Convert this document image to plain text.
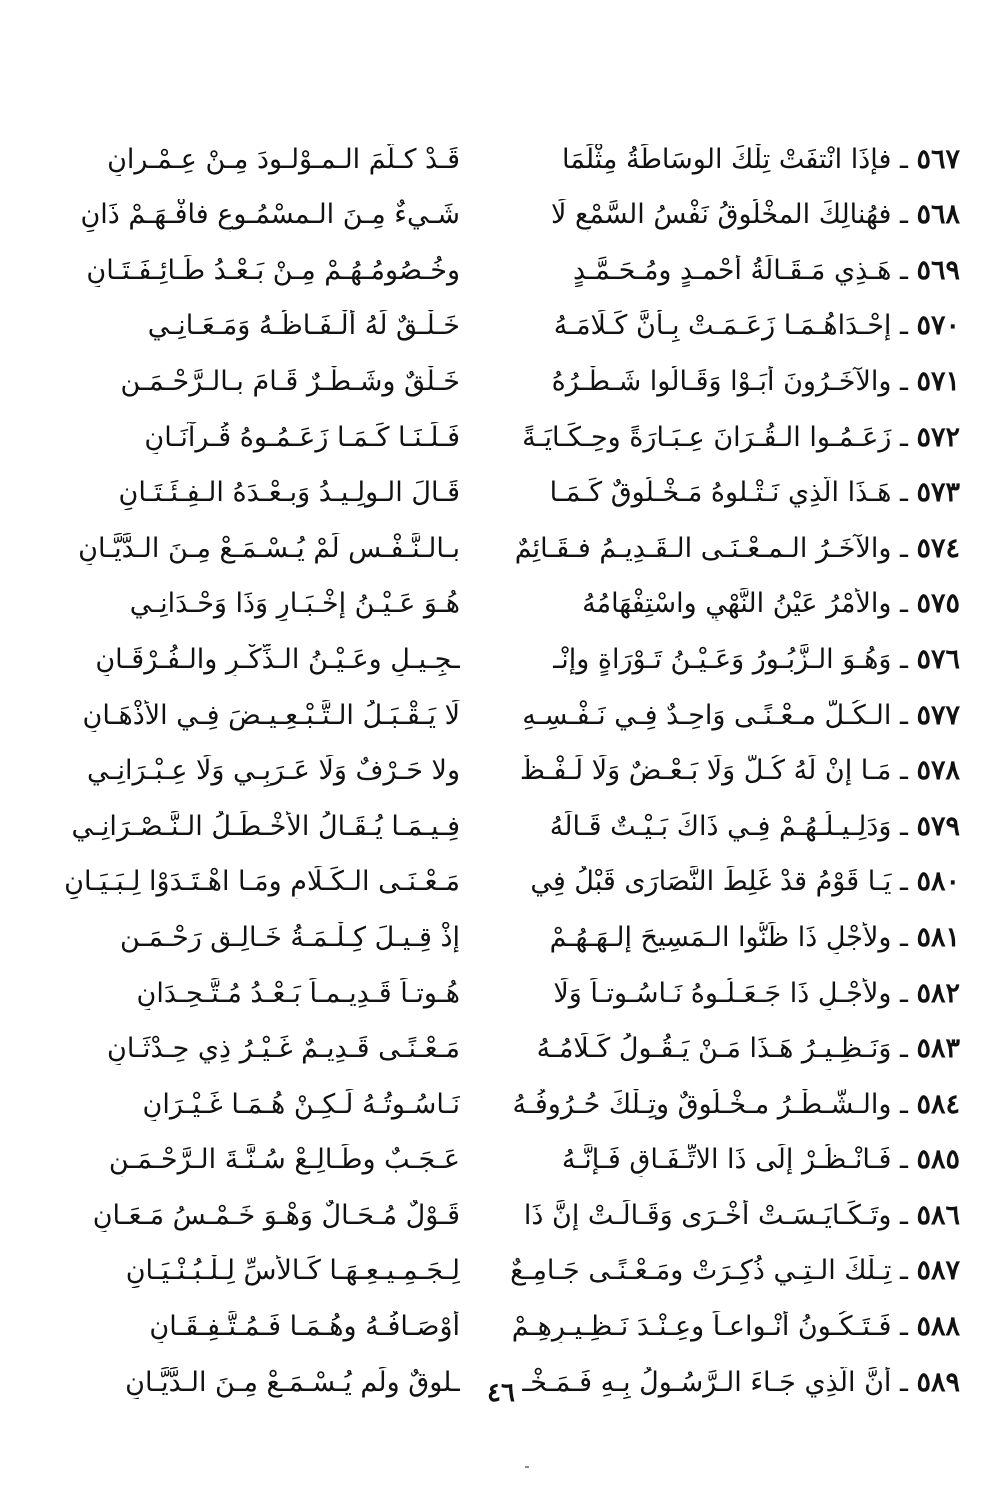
٥٦٧ ـ فإذَا انْتفَتْ تِلْكَ الوسَاطَةُ مِثْلَمَا
قَـدْ كـلَّمَ الـمـوْلـودَ مِـنْ عِـمْـرانِ
٥٦٨ ـ فهُنالِكَ المخْلُوقُ نَفْسُ السَّمْعِ لَا
شَـيءٌ مِـنَ الـمسْمُـوعِ فافْـهَـمْ ذَانِ
٥٦٩ ـ هَـذِي مَـقَـالَةُ أحْمـدٍ ومُـحَـمَّـدٍ
وخُـصُومُـهُـمْ مِـنْ بَـعْـدُ طَـائِـفَـتَـانِ
٥٧٠ ـ إحْـدَاهُـمَـا زَعَـمَـتْ بِـأنَّ كَـلَامَـهُ
خَـلْـقٌ لَهُ ألْـفَـاظُـهُ وَمَـعَـانِـي
٥٧١ ـ والآخَـرُونَ أبَـوْا وَقَـالُوا شَـطْـرُهُ
خَـلْقٌ وشَـطْـرٌ قَـامَ بـالـرَّحْـمَـنِ
٥٧٢ ـ زَعَـمُـوا الـقُـرَانَ عِـبَـارَةً وحِـكَـايَـةً
فَـلَـنَـا كَـمَـا زَعَـمُـوهُ قُـرآنَـانِ
٥٧٣ ـ هَـذَا الَّذِي نَـتْـلوهُ مَـخْـلُوقٌ كَـمَـا
قَـالَ الـولِـيـدُ وَبـعْـدَهُ الـفِـئَـتَـانِ
٥٧٤ ـ والآخَـرُ الـمـعْـنَـى الـقَـدِيـمُ فـقَـائِمٌ
بـالـنَّـفْـسِ لَمْ يُـسْـمَـعْ مِـنَ الـدَّيَّـانِ
٥٧٥ ـ والأمْرُ عَيْنُ النَّهْيِ واسْتِفْهَامُهُ
هُـوَ عَـيْـنُ إخْـبَـارٍ وَذَا وَحْـدَانِـي
٥٧٦ ـ وَهُـوَ الـزَّبُـورُ وَعَـيْـنُ تَـوْرَاةٍ وإنْـ
ـجِـيـلٍ وعَـيْـنُ الـذِّكْـرِ والـفُـرْقَـانِ
٥٧٧ ـ الـكُـلُّ مـعْـنًـى وَاحِـدٌ فِـي نَـفْـسِـهِ
لَا يَـقْـبَـلُ الـتَّـبْـعِـيـضَ فِـي الأذْهَـانِ
٥٧٨ ـ مَـا إنْ لَهُ كُـلٌّ وَلَا بَـعْـضٌ وَلَا لَـفْـظٌ
ولا حَـرْفٌ وَلَا عَـرَبِـي وَلَا عِـبْـرَانِـي
٥٧٩ ـ وَدَلِـيـلُـهُـمْ فِـي ذَاكَ بَـيْـتٌ قَـالَهُ
فِـيـمَـا يُـقَـالُ الأخْـطَـلُ الـنَّـصْـرَانِـي
٥٨٠ ـ يَـا قَوْمُ قدْ غَلِطَ النَّصَارَى قَبْلُ فِي
مَـعْـنَـى الـكَـلَامِ ومَـا اهْـتَـدَوْا لِـبَـيَـانِ
٥٨١ ـ ولأجْلِ ذَا ظَنُّوا الـمَسِيحَ إلـهَـهُـمْ
إذْ قِـيـلَ كِـلْـمَـةُ خَـالِـقٍ رَحْـمَـنِ
٥٨٢ ـ ولأجْـلِ ذَا جَـعَـلُـوهُ نَـاسُـوتـاً وَلَا
هُـوتـاً قَـدِيـمـاً بَـعْـدُ مُـتَّـحِـدَانِ
٥٨٣ ـ وَنَـظِـيـرُ هَـذَا مَـنْ يَـقُـولُ كَـلَامُـهُ
مَـعْـنًـى قَـدِيـمٌ غَـيْـرُ ذِي حِـدْثَـانِ
٥٨٤ ـ والـشَّـطْـرُ مـخْـلُوقٌ وتِـلْكَ حُـرُوفُـهُ
نَـاسُـوتُـهُ لَـكِـنْ هُـمَـا غَـيْـرَانِ
٥٨٥ ـ فَـانْـظُـرْ إلَى ذَا الاتِّـفَـاقِ فَـإنَّـهُ
عَـجَـبٌ وطَـالِـعْ سُـنَّـةَ الـرَّحْـمَـنِ
٥٨٦ ـ وتَـكَـايَـسَـتْ أخْـرَى وَقَـالَـتْ إنَّ ذَا
قَـوْلٌ مُـحَـالٌ وَهْـوَ خَـمْـسُ مَـعَـانِ
٥٨٧ ـ تِـلْكَ الـتِـي ذُكِـرَتْ ومَـعْـنًـى جَـامِـعٌ
لِـجَـمِـيـعِـهَـا كَـالأسِّ لِـلْـبُـنْـيَـانِ
٥٨٨ ـ فَـتَـكُـونُ أنْـواعـاً وعِـنْـدَ نَـظِـيـرِهِـمْ
أوْصَـافُـهُ وهُـمَـا فَـمُـتَّـفِـقَـانِ
٥٨٩ ـ أنَّ الَّذِي جَـاءَ الـرَّسُـولُ بِـهِ فَـمَـخْـ
ـلوقٌ ولَم يُـسْـمَـعْ مِـنَ الـدَّيَّـانِ	٤٦
